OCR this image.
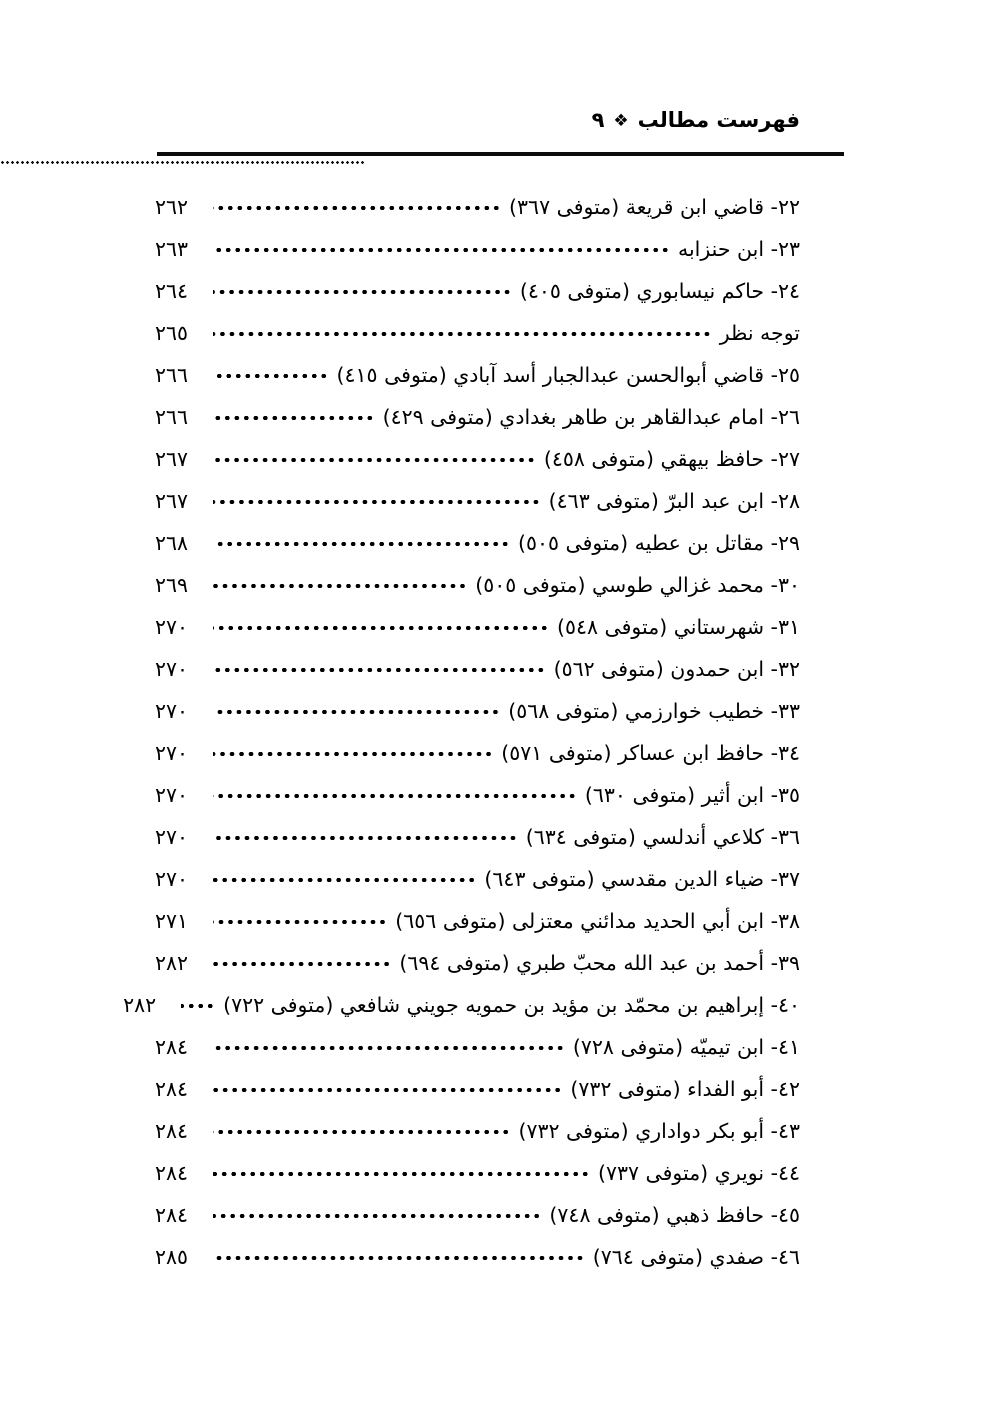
فهرست مطالب
❖
٩
٢٢- قاضي ابن قريعة (متوفى ٣٦٧)
٢٦٢
٢٣- ابن حنزابه
٢٦٣
٢٤- حاكم نيسابوري (متوفى ٤٠٥)
٢٦٤
توجه نظر
٢٦٥
٢٥- قاضي أبوالحسن عبدالجبار أسد آبادي (متوفى ٤١٥)
٢٦٦
٢٦- امام عبدالقاهر بن طاهر بغدادي (متوفى ٤٢٩)
٢٦٦
٢٧- حافظ بيهقي (متوفى ٤٥٨)
٢٦٧
٢٨- ابن عبد البرّ (متوفى ٤٦٣)
٢٦٧
٢٩- مقاتل بن عطيه (متوفى ٥٠٥)
٢٦٨
٣٠- محمد غزالي طوسي (متوفى ٥٠٥)
٢٦٩
٣١- شهرستاني (متوفى ٥٤٨)
٢٧٠
٣٢- ابن حمدون (متوفى ٥٦٢)
٢٧٠
٣٣- خطيب خوارزمي (متوفى ٥٦٨)
٢٧٠
٣٤- حافظ ابن عساكر (متوفى ٥٧١)
٢٧٠
٣٥- ابن أثير (متوفى ٦٣٠)
٢٧٠
٣٦- كلاعي أندلسي (متوفى ٦٣٤)
٢٧٠
٣٧- ضياء الدين مقدسي (متوفى ٦٤٣)
٢٧٠
٣٨- ابن أبي الحديد مدائني معتزلى (متوفى ٦٥٦)
٢٧١
٣٩- أحمد بن عبد الله محبّ طبري (متوفى ٦٩٤)
٢٨٢
٤٠- إبراهيم بن محمّد بن مؤيد بن حمويه جويني شافعي (متوفى ٧٢٢)
٢٨٢
٤١- ابن تيميّه (متوفى ٧٢٨)
٢٨٤
٤٢- أبو الفداء (متوفى ٧٣٢)
٢٨٤
٤٣- أبو بكر دواداري (متوفى ٧٣٢)
٢٨٤
٤٤- نويري (متوفى ٧٣٧)
٢٨٤
٤٥- حافظ ذهبي (متوفى ٧٤٨)
٢٨٤
٤٦- صفدي (متوفى ٧٦٤)
٢٨٥
